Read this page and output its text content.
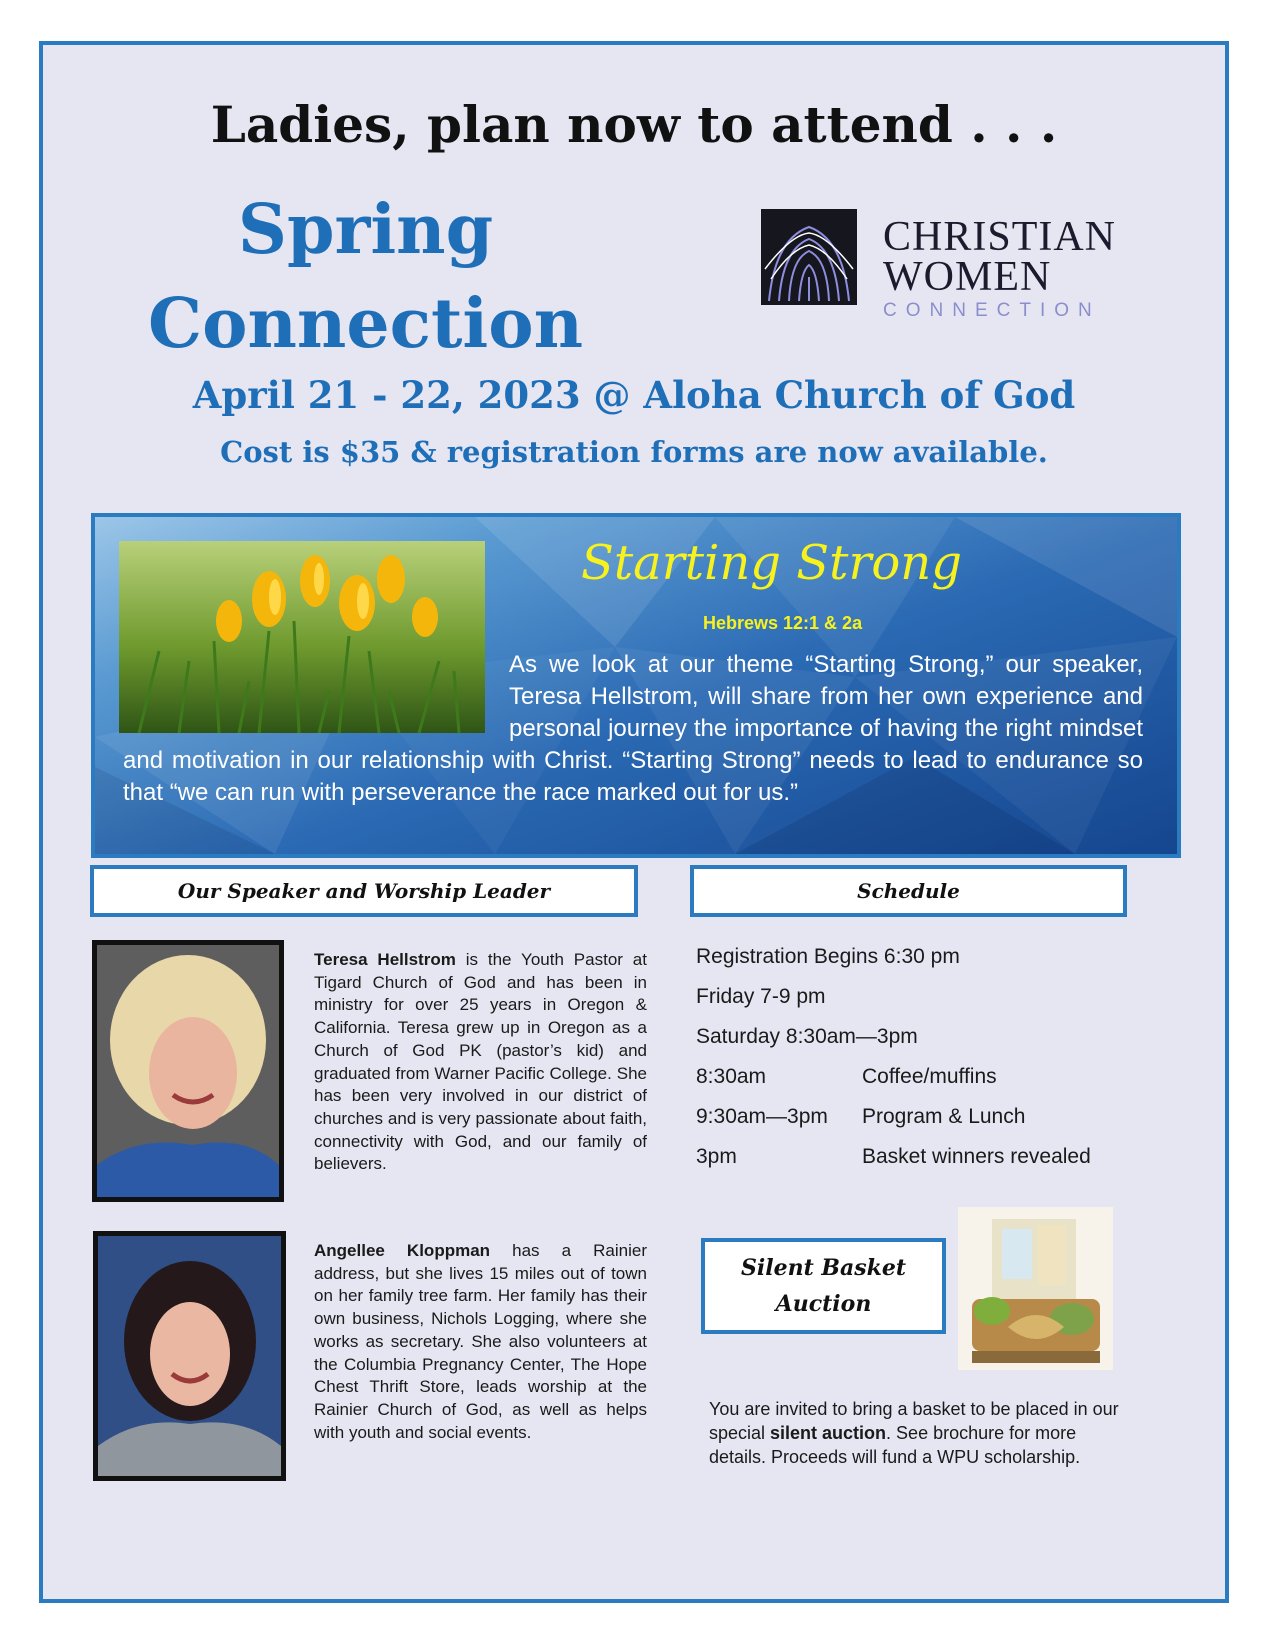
Ladies, plan now to attend . . .
Spring Connection
CHRISTIAN
WOMEN
CONNECTION
April 21 - 22, 2023 @ Aloha Church of God
Cost is $35 & registration forms are now available.
Starting Strong
Hebrews 12:1 & 2a
As we look at our theme “Starting Strong,” our speaker, Teresa Hellstrom, will share from her own experience and personal journey the importance of having the right mindset and motivation in our relationship with Christ. “Starting Strong” needs to lead to endurance so that “we can run with perseverance the race marked out for us.”
Our Speaker and Worship Leader	Schedule
Teresa Hellstrom is the Youth Pastor at Tigard Church of God and has been in ministry for over 25 years in Oregon & California. Teresa grew up in Oregon as a Church of God PK (pastor’s kid) and graduated from Warner Pacific College. She has been very involved in our district of churches and is very passionate about faith, connectivity with God, and our family of believers.
Angellee Kloppman has a Rainier address, but she lives 15 miles out of town on her family tree farm. Her family has their own business, Nichols Logging, where she works as secretary. She also volunteers at the Columbia Pregnancy Center, The Hope Chest Thrift Store, leads worship at the Rainier Church of God, as well as helps with youth and social events.
Registration Begins 6:30 pm
Friday 7-9 pm
Saturday 8:30am—3pm
8:30am	Coffee/muffins
9:30am—3pm Program & Lunch
3pm	Basket winners revealed
Silent Basket Auction
You are invited to bring a basket to be placed in our special silent auction. See brochure for more details. Proceeds will fund a WPU scholarship.
